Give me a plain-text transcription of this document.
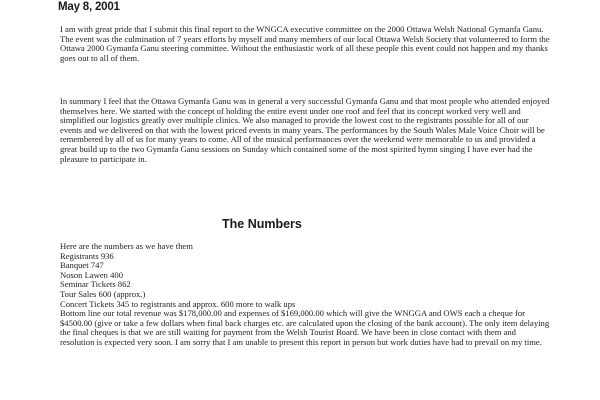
May 8, 2001
I am with great pride that I submit this final report to the WNGCA executive committee on the 2000 Ottawa Welsh National Gymanfa Ganu. The event was the culmination of 7 years efforts by myself and many members of our local Ottawa Welsh Society that volunteered to form the Ottawa 2000 Gymanfa Ganu steering committee. Without the enthusiastic work of all these people this event could not happen and my thanks goes out to all of them.
In summary I feel that the Ottawa Gymanfa Ganu was in general a very successful Gymanfa Ganu and that most people who attended enjoyed themselves here. We started with the concept of holding the entire event under one roof and feel that its concept worked very well and simplified our logistics greatly over multiple clinics. We also managed to provide the lowest cost to the registrants possible for all of our events and we delivered on that with the lowest priced events in many years. The performances by the South Wales Male Voice Choir will be remembered by all of us for many years to come. All of the musical performances over the weekend were memorable to us and provided a great build up to the two Gymanfa Ganu sessions on Sunday which contained some of the most spirited hymn singing I have ever had the pleasure to participate in.
The Numbers
Here are the numbers as we have them
Registrants 936
Banquet 747
Noson Lawen 400
Seminar Tickets 862
Tour Sales 600 (approx.)
Concert Tickets 345 to registrants and approx. 600 more to walk ups
Bottom line our total revenue was $178,000.00 and expenses of $169,000.00 which will give the WNGGA and OWS each a cheque for $4500.00 (give or take a few dollars when final back charges etc. are calculated upon the closing of the bank account). The only item delaying the final cheques is that we are still waiting for payment from the Welsh Tourist Board. We have been in close contact with them and resolution is expected very soon. I am sorry that I am unable to present this report in person but work duties have had to prevail on my time.
